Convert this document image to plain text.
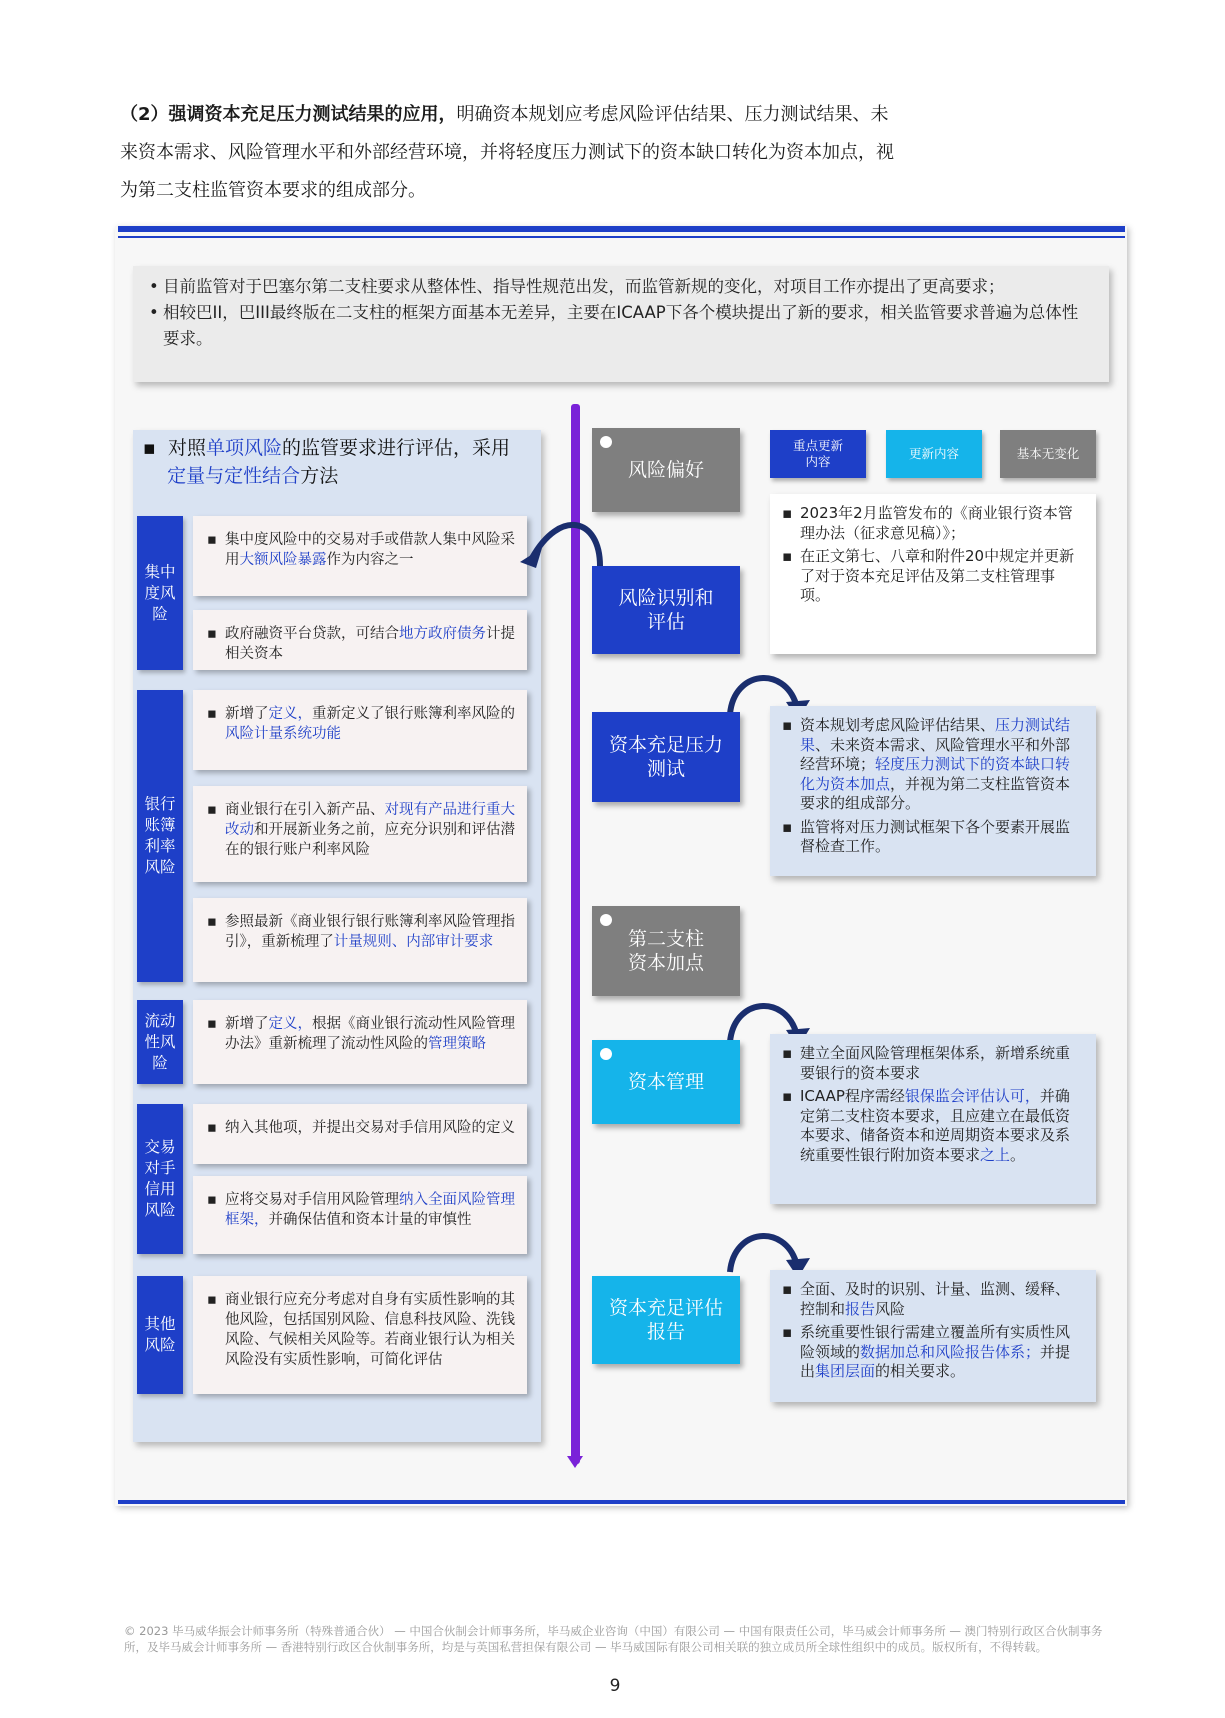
（2）强调资本充足压力测试结果的应用，明确资本规划应考虑风险评估结果、压力测试结果、未来资本需求、风险管理水平和外部经营环境，并将轻度压力测试下的资本缺口转化为资本加点，视为第二支柱监管资本要求的组成部分。
• 目前监管对于巴塞尔第二支柱要求从整体性、指导性规范出发，而监管新规的变化，对项目工作亦提出了更高要求；
• 相较巴II，巴III最终版在二支柱的框架方面基本无差异，主要在ICAAP下各个模块提出了新的要求，相关监管要求普遍为总体性要求。
▪ 对照单项风险的监管要求进行评估，采用
定量与定性结合方法
集中
度风
险
银行
账簿
利率
风险
流动
性风
险
交易
对手
信用
风险
其他
风险
▪ 集中度风险中的交易对手或借款人集中风险采用大额风险暴露作为内容之一
▪ 政府融资平台贷款，可结合地方政府债务计提相关资本
▪ 新增了定义，重新定义了银行账簿利率风险的风险计量系统功能
▪ 商业银行在引入新产品、对现有产品进行重大改动和开展新业务之前，应充分识别和评估潜在的银行账户利率风险
▪ 参照最新《商业银行银行账簿利率风险管理指引》，重新梳理了计量规则、内部审计要求
▪ 新增了定义，根据《商业银行流动性风险管理办法》重新梳理了流动性风险的管理策略
▪ 纳入其他项，并提出交易对手信用风险的定义
▪ 应将交易对手信用风险管理纳入全面风险管理框架，并确保估值和资本计量的审慎性
▪ 商业银行应充分考虑对自身有实质性影响的其他风险，包括国别风险、信息科技风险、洗钱风险、气候相关风险等。若商业银行认为相关风险没有实质性影响，可简化评估
风险偏好
风险识别和评估
资本充足压力测试
第二支柱资本加点
资本管理
资本充足评估报告
重点更新内容
更新内容	基本无变化
▪ 2023年2月监管发布的《商业银行资本管理办法（征求意见稿）》；
▪ 在正文第七、八章和附件20中规定并更新了对于资本充足评估及第二支柱管理事项。
▪ 资本规划考虑风险评估结果、压力测试结果、未来资本需求、风险管理水平和外部经营环境；轻度压力测试下的资本缺口转化为资本加点，并视为第二支柱监管资本要求的组成部分。
▪ 监管将对压力测试框架下各个要素开展监督检查工作。
▪ 建立全面风险管理框架体系，新增系统重要银行的资本要求
▪ ICAAP程序需经银保监会评估认可，并确定第二支柱资本要求，且应建立在最低资本要求、储备资本和逆周期资本要求及系统重要性银行附加资本要求之上。
▪ 全面、及时的识别、计量、监测、缓释、控制和报告风险
▪ 系统重要性银行需建立覆盖所有实质性风险领域的数据加总和风险报告体系；并提出集团层面的相关要求。
© 2023 毕马威华振会计师事务所（特殊普通合伙） — 中国合伙制会计师事务所，毕马威企业咨询（中国）有限公司 — 中国有限责任公司，毕马威会计师事务所 — 澳门特别行政区合伙制事务所，及毕马威会计师事务所 — 香港特别行政区合伙制事务所，均是与英国私营担保有限公司 — 毕马威国际有限公司相关联的独立成员所全球性组织中的成员。版权所有，不得转载。
9
